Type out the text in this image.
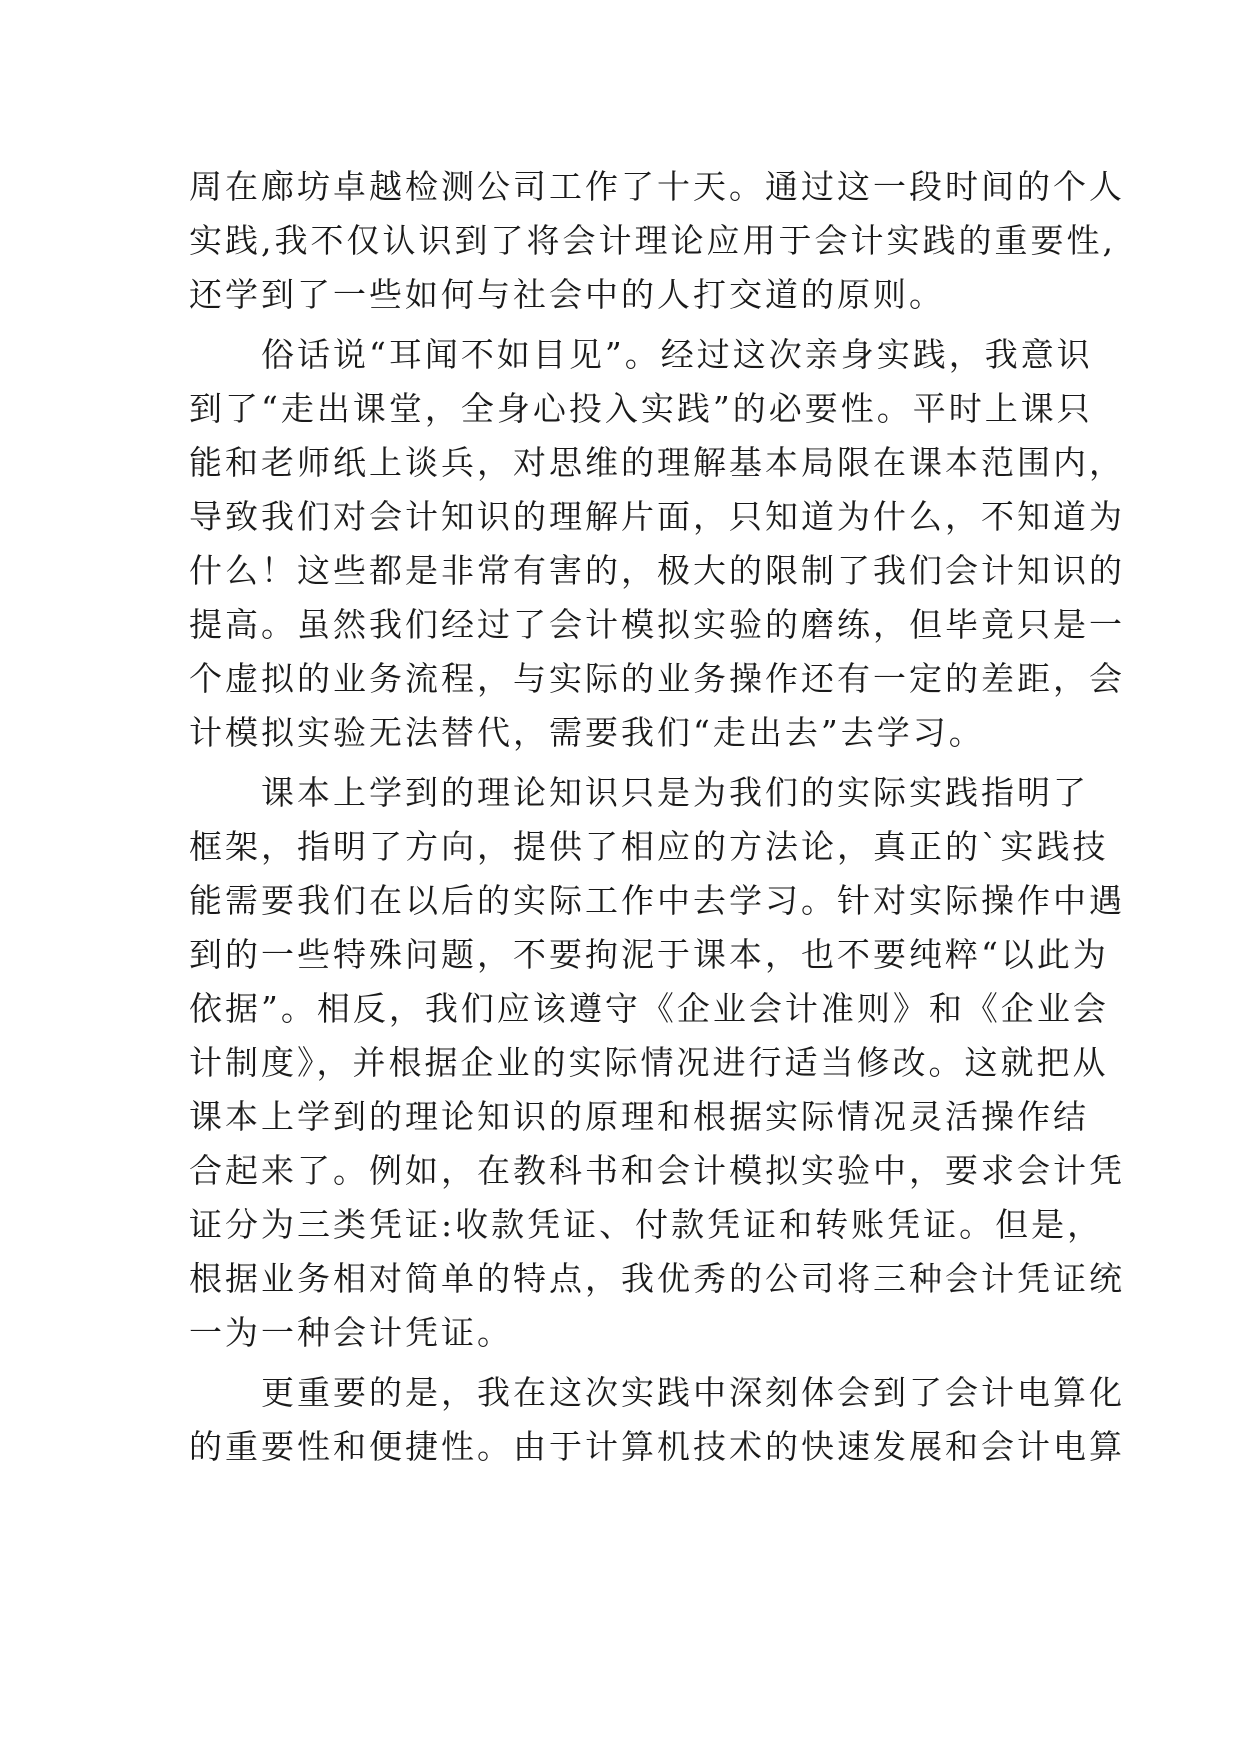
周在廊坊卓越检测公司工作了十天。通过这一段时间的个人
实践,我不仅认识到了将会计理论应用于会计实践的重要性,
还学到了一些如何与社会中的人打交道的原则。
　　俗话说“耳闻不如目见”。经过这次亲身实践，我意识
到了“走出课堂，全身心投入实践”的必要性。平时上课只
能和老师纸上谈兵，对思维的理解基本局限在课本范围内，
导致我们对会计知识的理解片面，只知道为什么，不知道为
什么！这些都是非常有害的，极大的限制了我们会计知识的
提高。虽然我们经过了会计模拟实验的磨练，但毕竟只是一
个虚拟的业务流程，与实际的业务操作还有一定的差距，会
计模拟实验无法替代，需要我们“走出去”去学习。
　　课本上学到的理论知识只是为我们的实际实践指明了
框架，指明了方向，提供了相应的方法论，真正的`实践技
能需要我们在以后的实际工作中去学习。针对实际操作中遇
到的一些特殊问题，不要拘泥于课本，也不要纯粹“以此为
依据”。相反，我们应该遵守《企业会计准则》和《企业会
计制度》，并根据企业的实际情况进行适当修改。这就把从
课本上学到的理论知识的原理和根据实际情况灵活操作结
合起来了。例如，在教科书和会计模拟实验中，要求会计凭
证分为三类凭证:收款凭证、付款凭证和转账凭证。但是，
根据业务相对简单的特点，我优秀的公司将三种会计凭证统
一为一种会计凭证。
　　更重要的是，我在这次实践中深刻体会到了会计电算化
的重要性和便捷性。由于计算机技术的快速发展和会计电算
